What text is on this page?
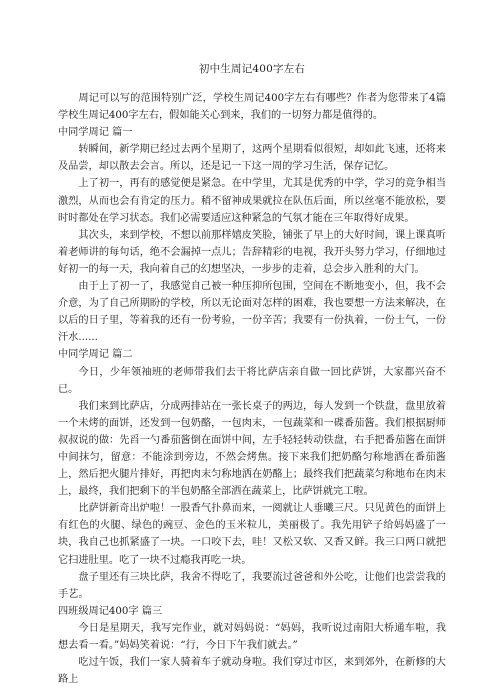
初中生周记400字左右

周记可以写的范围特别广泛，学校生周记400字左右有哪些？作者为您带来了4篇学校生周记400字左右，假如能关心到来，我们的一切努力都是值得的。

中同学周记 篇一

转瞬间，新学期已经过去两个星期了，这两个星期看似很短，却如此飞速，还将来及品尝，却以散去会言。所以，还是记一下这一周的学习生活，保存记忆。

上了初一，再有的感觉便是紧急。在中学里，尤其是优秀的中学，学习的竞争相当激烈，从而也会有肯定的压力。稍不留神成果就拉在队伍后面，所以丝毫不能放松，要时时都处在学习状态。我们必需要适应这种紧急的气氛才能在三年取得好成果。

其次头，来到学校，不想以前那样嬉皮笑脸，铺张了早上的大好时间，课上课真听着老师讲的每句话，绝不会漏掉一点儿；告辞精彩的电视，我开头努力学习，仔细地过好初一的每一天，我向着自己的幻想坚决，一步步的走着，总会步入胜利的大门。

由于上了初一了，我感觉自己被一种压抑所包围，空间在不断地变小，但，我不会介意，为了自己所期盼的学校，所以无论面对怎样的困难，我也要想一方法来解决，在以后的日子里，等着我的还有一份考验，一份辛苦；我要有一份执着，一份士气，一份汗水......

中同学周记 篇二

今日，少年领袖班的老师带我们去干将比萨店亲自做一回比萨饼，大家都兴奋不已。

我们来到比萨店，分成两排站在一张长桌子的两边，每人发到一个铁盘，盘里放着一个未烤的面饼，还发到一包奶酪，一包肉末，一包蔬菜和一碟番茄酱。我们根据厨师叔叔说的做：先舀一勺番茄酱倒在面饼中间，左手轻轻转动铁盘，右手把番茄酱在面饼中间抹匀，留意：不能涂到旁边，不然会烤焦。接下来我们把奶酪匀称地洒在番茄酱上，然后把火腿片排好，再把肉末匀称地洒在奶酪上；最终我们把蔬菜匀称地布在肉末上，最终，我们把剩下的半包奶酪全部洒在蔬菜上，比萨饼就完工啦。

比萨饼新奇出炉啦！一股香气扑鼻而来，一阅就让人垂曦三尺。只见黄色的面饼上有红色的火腿、绿色的豌豆、金色的玉米粒儿，美丽极了。我先用铲子给妈妈盛了一块，我自己也抓紧盛了一块。一口咬下去，哇！又松又软、又香又鲜。我三口两口就把它扫进肚里。吃了一块不过瘾我再吃一块。

盘子里还有三块比萨，我舍不得吃了，我要流过爸爸和外公吃，让他们也尝尝我的手艺。

四班级周记400字 篇三

今日是星期天，我写完作业，就对妈妈说：“妈妈，我听说过南阳大桥通车啦，我想去看一看。”妈妈笑着说：“行，今日下午我们就去。”

吃过午饭，我们一家人骑着车子就动身啦。我们穿过市区，来到郊外，在新修的大路上
